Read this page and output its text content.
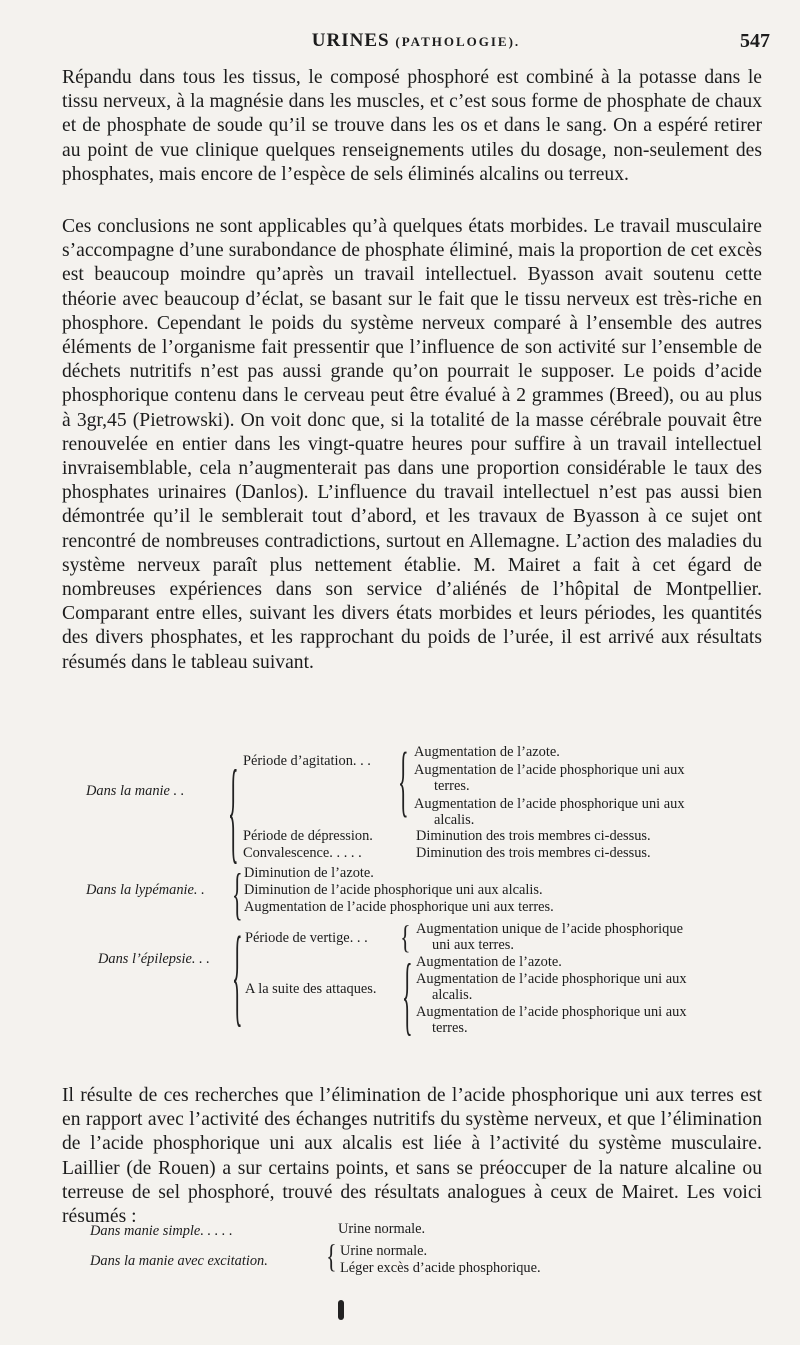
URINES (PATHOLOGIE).	547
Répandu dans tous les tissus, le composé phosphoré est combiné à la potasse dans le tissu nerveux, à la magnésie dans les muscles, et c’est sous forme de phosphate de chaux et de phosphate de soude qu’il se trouve dans les os et dans le sang. On a espéré retirer au point de vue clinique quelques renseignements utiles du dosage, non-seulement des phosphates, mais encore de l’espèce de sels éliminés alcalins ou terreux.
Ces conclusions ne sont applicables qu’à quelques états morbides. Le travail musculaire s’accompagne d’une surabondance de phosphate éliminé, mais la proportion de cet excès est beaucoup moindre qu’après un travail intellectuel. Byasson avait soutenu cette théorie avec beaucoup d’éclat, se basant sur le fait que le tissu nerveux est très-riche en phosphore. Cependant le poids du système nerveux comparé à l’ensemble des autres éléments de l’organisme fait pressentir que l’influence de son activité sur l’ensemble de déchets nutritifs n’est pas aussi grande qu’on pourrait le supposer. Le poids d’acide phosphorique contenu dans le cerveau peut être évalué à 2 grammes (Breed), ou au plus à 3gr,45 (Pietrowski). On voit donc que, si la totalité de la masse cérébrale pouvait être renouvelée en entier dans les vingt-quatre heures pour suffire à un travail intellectuel invraisemblable, cela n’augmenterait pas dans une proportion considérable le taux des phosphates urinaires (Danlos). L’influence du travail intellectuel n’est pas aussi bien démontrée qu’il le semblerait tout d’abord, et les travaux de Byasson à ce sujet ont rencontré de nombreuses contradictions, surtout en Allemagne. L’action des maladies du système nerveux paraît plus nettement établie. M. Mairet a fait à cet égard de nombreuses expériences dans son service d’aliénés de l’hôpital de Montpellier. Comparant entre elles, suivant les divers états morbides et leurs périodes, les quantités des divers phosphates, et les rapprochant du poids de l’urée, il est arrivé aux résultats résumés dans le tableau suivant.
Dans la manie . . { Période d’agitation. . . { Augmentation de l’azote.
Augmentation de l’acide phosphorique uni aux
terres.
Augmentation de l’acide phosphorique uni aux
alcalis.
Période de dépression.	Diminution des trois membres ci-dessus.
Convalescence. . . . .	Diminution des trois membres ci-dessus.
Dans la lypémanie. . { Diminution de l’azote.
Diminution de l’acide phosphorique uni aux alcalis.
Augmentation de l’acide phosphorique uni aux terres.
Dans l’épilepsie. . . { Période de vertige. . . { Augmentation unique de l’acide phosphorique
uni aux terres.
A la suite des attaques. { Augmentation de l’azote.
Augmentation de l’acide phosphorique uni aux
alcalis.
Augmentation de l’acide phosphorique uni aux
terres.
Il résulte de ces recherches que l’élimination de l’acide phosphorique uni aux terres est en rapport avec l’activité des échanges nutritifs du système nerveux, et que l’élimination de l’acide phosphorique uni aux alcalis est liée à l’activité du système musculaire. Laillier (de Rouen) a sur certains points, et sans se préoccuper de la nature alcaline ou terreuse de sel phosphoré, trouvé des résultats analogues à ceux de Mairet. Les voici résumés :
Dans manie simple. . . . .	Urine normale.
Dans la manie avec excitation.	{ Urine normale.
Léger excès d’acide phosphorique.
